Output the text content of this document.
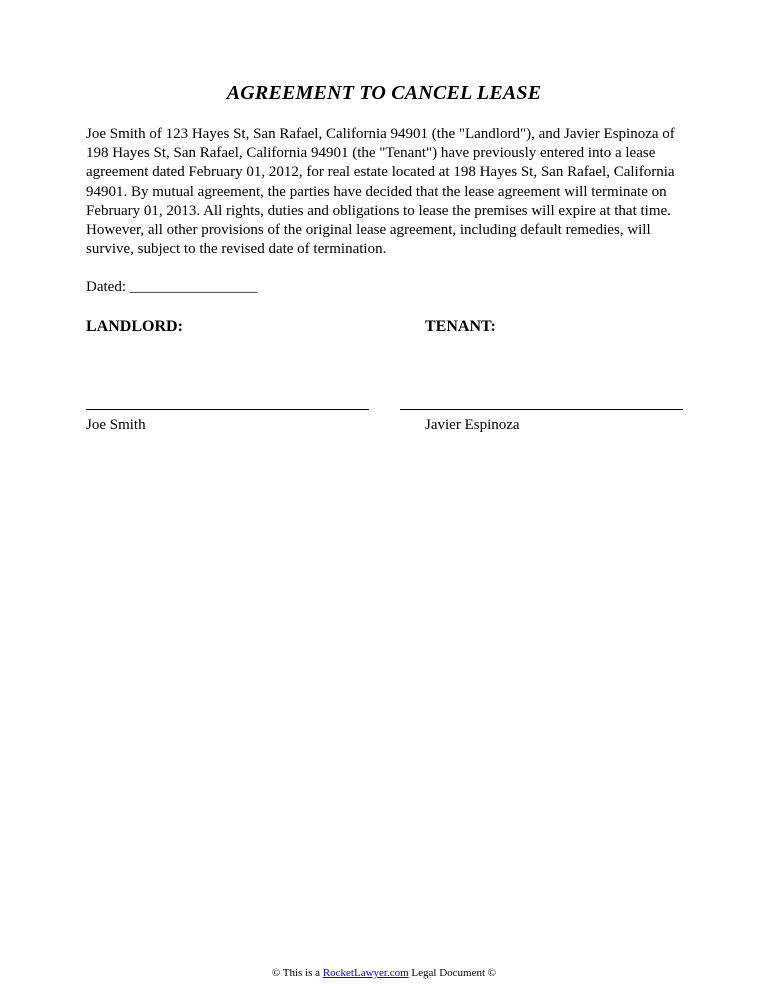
AGREEMENT TO CANCEL LEASE

Joe Smith of 123 Hayes St, San Rafael, California 94901 (the "Landlord"), and Javier Espinoza of 198 Hayes St, San Rafael, California 94901 (the "Tenant") have previously entered into a lease agreement dated February 01, 2012, for real estate located at 198 Hayes St, San Rafael, California 94901. By mutual agreement, the parties have decided that the lease agreement will terminate on February 01, 2013. All rights, duties and obligations to lease the premises will expire at that time. However, all other provisions of the original lease agreement, including default remedies, will survive, subject to the revised date of termination.

Dated: _________________

LANDLORD:	TENANT:
Joe Smith	Javier Espinoza

© This is a RocketLawyer.com Legal Document ©
